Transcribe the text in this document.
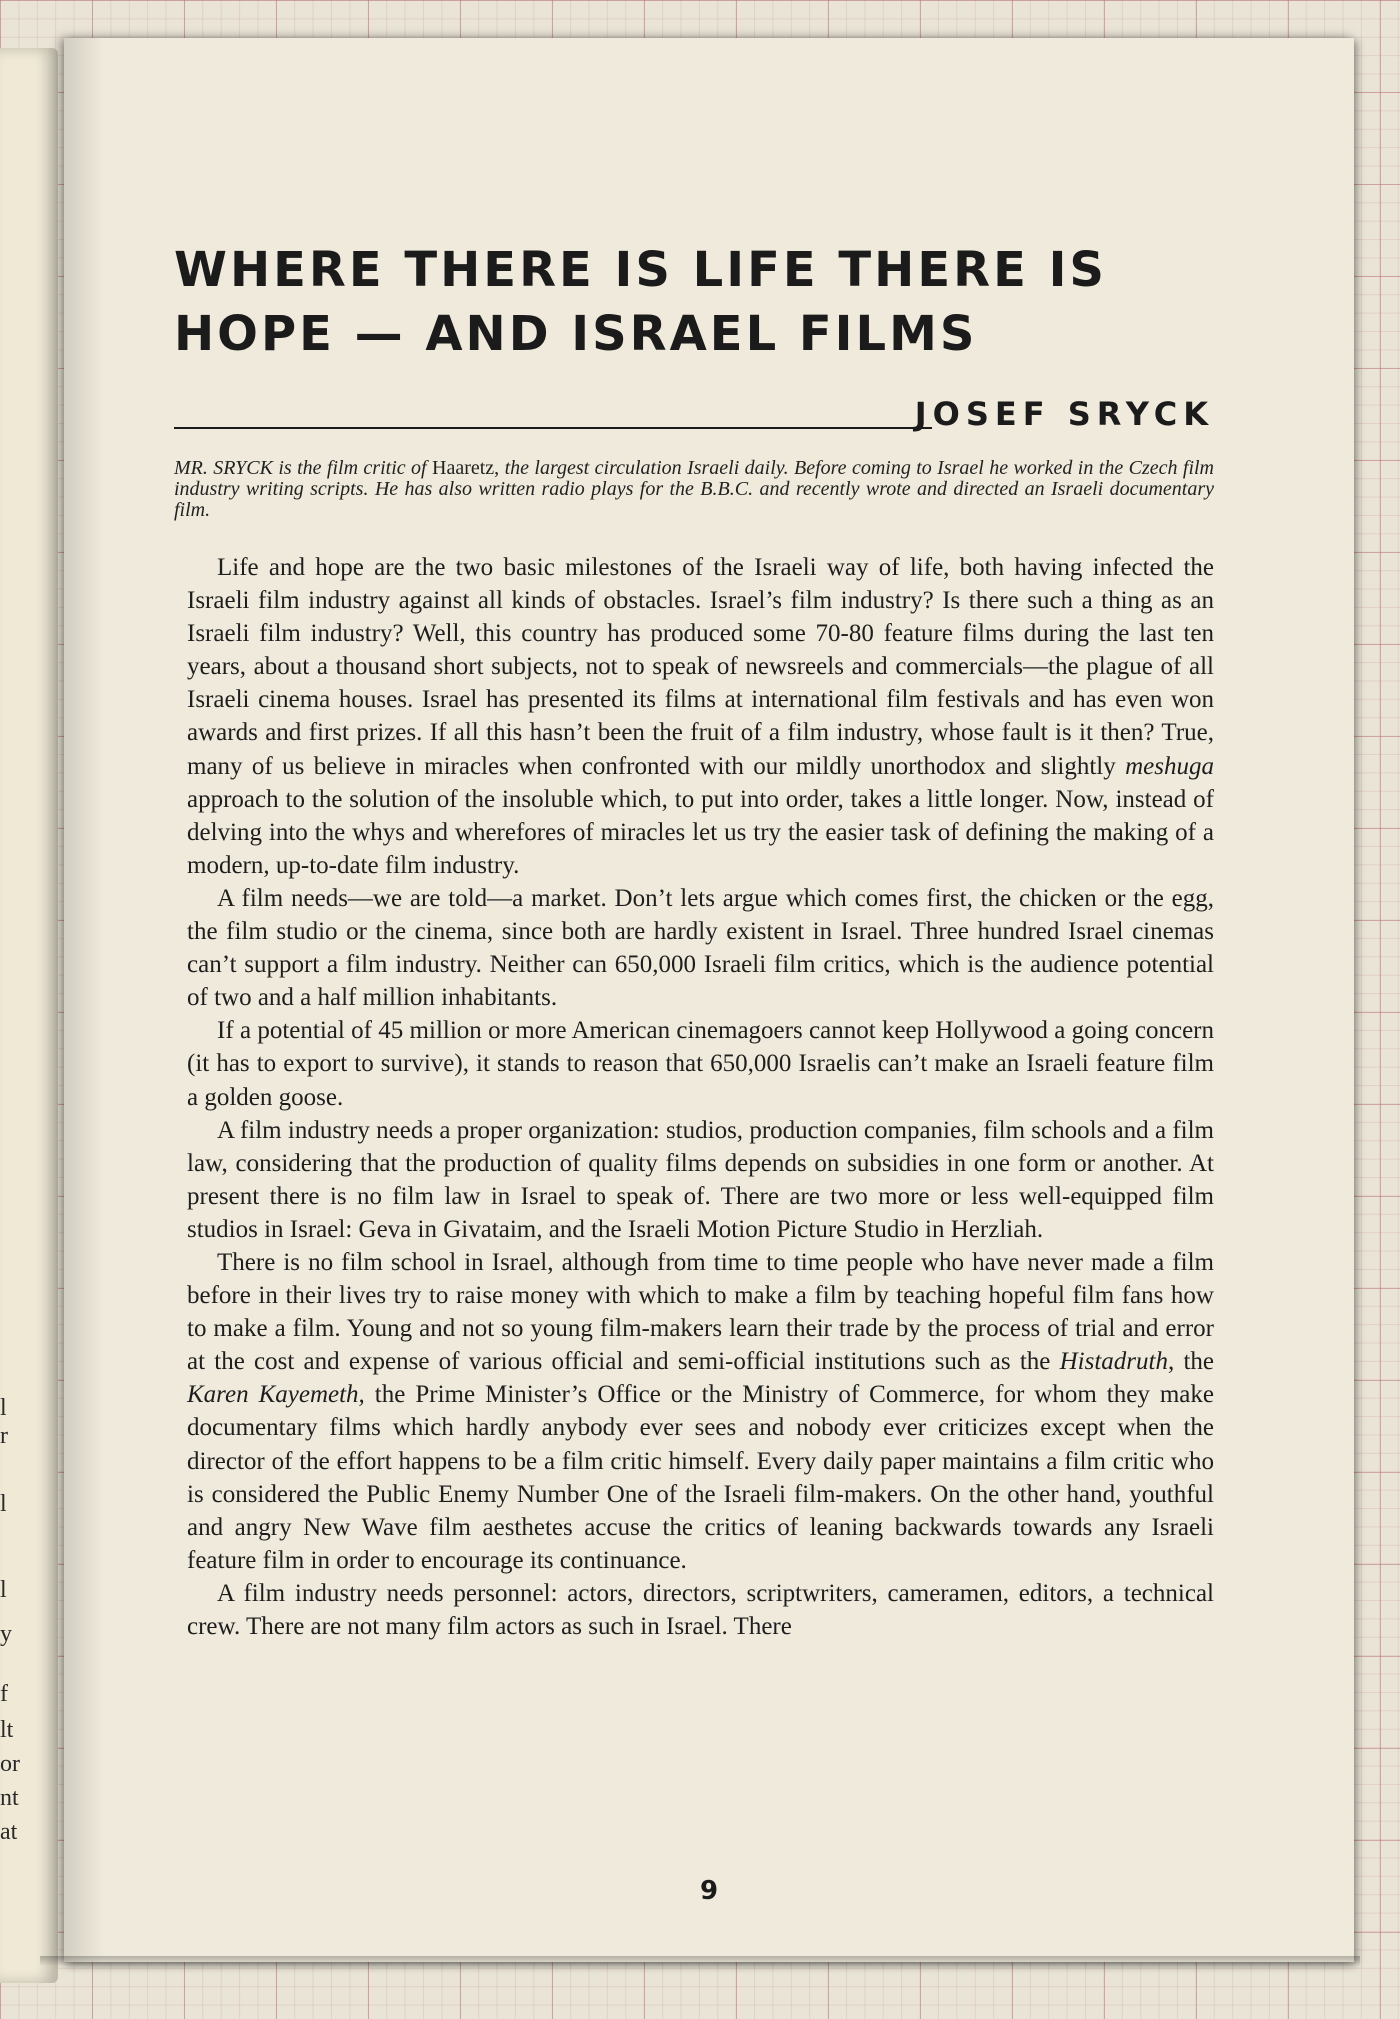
l
r
l
l
y
f
lt
or
nt
at
WHERE THERE IS LIFE THERE IS HOPE — AND ISRAEL FILMS

JOSEF SRYCK

MR. SRYCK is the film critic of Haaretz, the largest circulation Israeli daily. Before coming to Israel he worked in the Czech film industry writing scripts. He has also written radio plays for the B.B.C. and recently wrote and directed an Israeli documentary film.

Life and hope are the two basic milestones of the Israeli way of life, both having infected the Israeli film industry against all kinds of obstacles. Israel’s film industry? Is there such a thing as an Israeli film industry? Well, this country has produced some 70-80 feature films during the last ten years, about a thousand short subjects, not to speak of newsreels and commercials—the plague of all Israeli cinema houses. Israel has presented its films at international film festivals and has even won awards and first prizes. If all this hasn’t been the fruit of a film industry, whose fault is it then? True, many of us believe in miracles when confronted with our mildly unorthodox and slightly meshuga approach to the solution of the insoluble which, to put into order, takes a little longer. Now, instead of delving into the whys and wherefores of miracles let us try the easier task of defining the making of a modern, up-to-date film industry.

A film needs—we are told—a market. Don’t lets argue which comes first, the chicken or the egg, the film studio or the cinema, since both are hardly existent in Israel. Three hundred Israel cinemas can’t support a film industry. Neither can 650,000 Israeli film critics, which is the audience potential of two and a half million inhabitants.

If a potential of 45 million or more American cinemagoers cannot keep Hollywood a going concern (it has to export to survive), it stands to reason that 650,000 Israelis can’t make an Israeli feature film a golden goose.

A film industry needs a proper organization: studios, production companies, film schools and a film law, considering that the production of quality films depends on subsidies in one form or another. At present there is no film law in Israel to speak of. There are two more or less well-equipped film studios in Israel: Geva in Givataim, and the Israeli Motion Picture Studio in Herzliah.

There is no film school in Israel, although from time to time people who have never made a film before in their lives try to raise money with which to make a film by teaching hopeful film fans how to make a film. Young and not so young film-makers learn their trade by the process of trial and error at the cost and expense of various official and semi-official institutions such as the Histadruth, the Karen Kayemeth, the Prime Minister’s Office or the Ministry of Commerce, for whom they make documentary films which hardly anybody ever sees and nobody ever criticizes except when the director of the effort happens to be a film critic himself. Every daily paper maintains a film critic who is considered the Public Enemy Number One of the Israeli film-makers. On the other hand, youthful and angry New Wave film aesthetes accuse the critics of leaning backwards towards any Israeli feature film in order to encourage its continuance.

A film industry needs personnel: actors, directors, scriptwriters, cameramen, editors, a technical crew. There are not many film actors as such in Israel. There

9
